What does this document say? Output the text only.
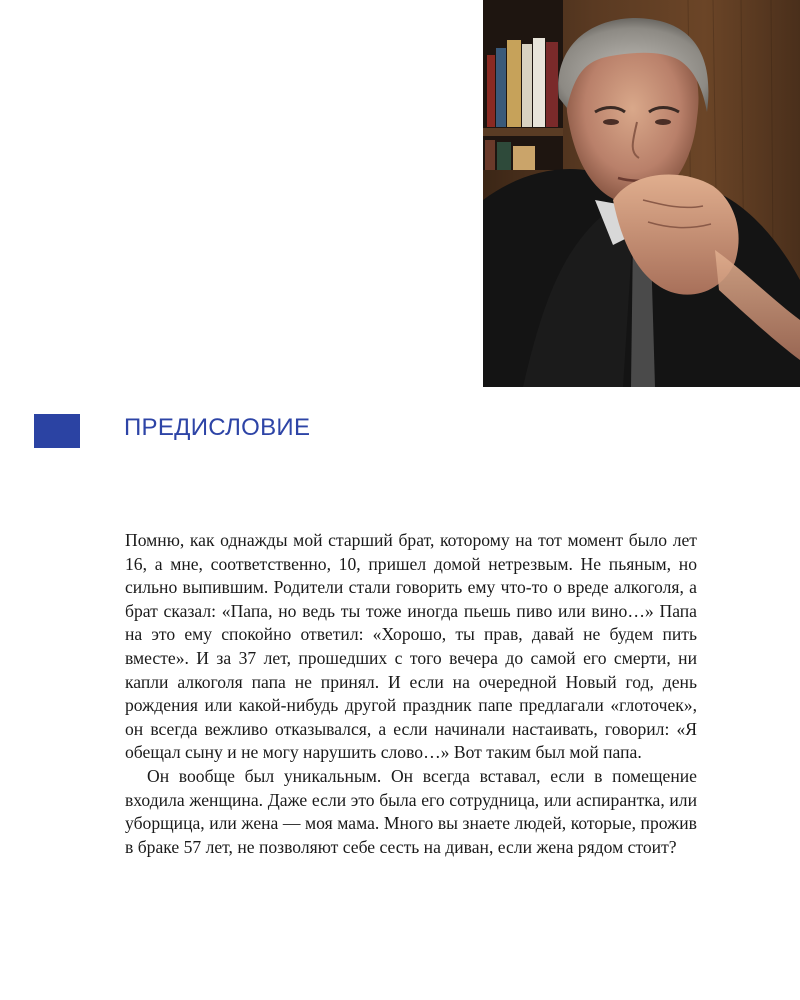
ПРЕДИСЛОВИЕ

Помню, как однажды мой старший брат, которому на тот момент было лет 16, а мне, соответственно, 10, пришел домой нетрезвым. Не пьяным, но сильно выпившим. Родители стали говорить ему что-то о вреде алкоголя, а брат сказал: «Папа, но ведь ты тоже иногда пьешь пиво или вино…» Папа на это ему спокойно ответил: «Хорошо, ты прав, давай не будем пить вместе». И за 37 лет, прошедших с того вечера до самой его смерти, ни капли алкоголя папа не принял. И если на очередной Новый год, день рождения или какой-нибудь другой праздник папе предлагали «глоточек», он всегда вежливо отказывался, а если начинали настаивать, говорил: «Я обещал сыну и не могу нарушить слово…» Вот таким был мой папа.

Он вообще был уникальным. Он всегда вставал, если в помещение входила женщина. Даже если это была его сотрудница, или аспирантка, или уборщица, или жена — моя мама. Много вы знаете людей, которые, прожив в браке 57 лет, не позволяют себе сесть на диван, если жена рядом стоит?
